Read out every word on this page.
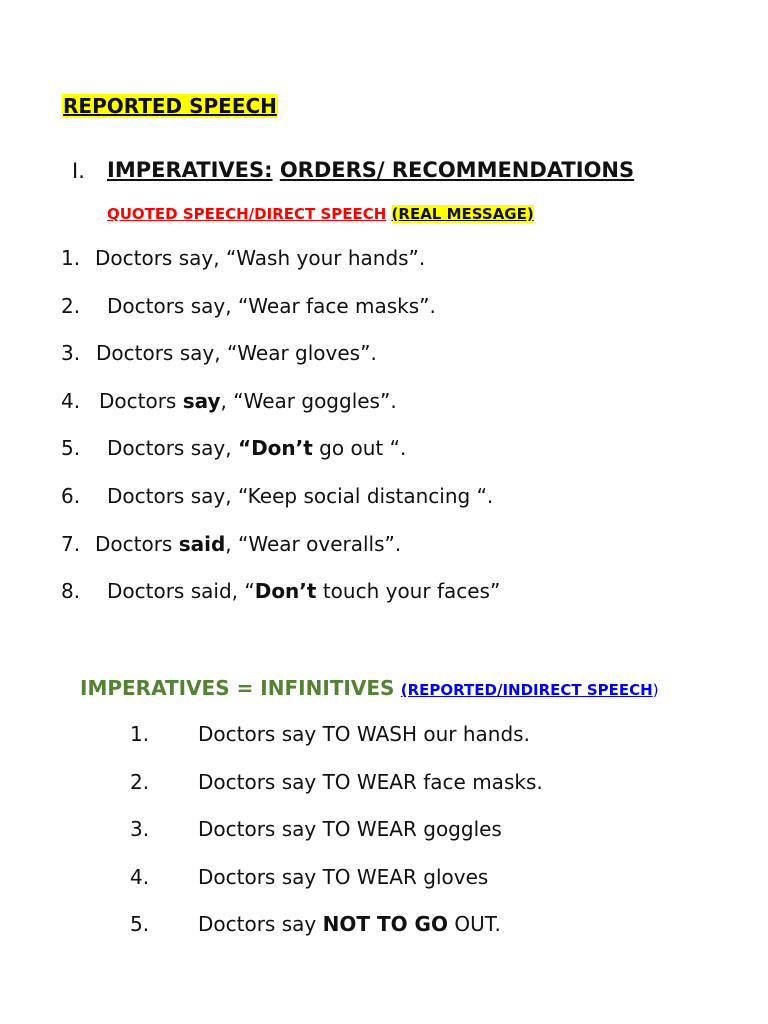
REPORTED SPEECH
I. IMPERATIVES: ORDERS/ RECOMMENDATIONS
QUOTED SPEECH/DIRECT SPEECH (REAL MESSAGE)
1. Doctors say, “Wash your hands”.
2. Doctors say, “Wear face masks”.
3. Doctors say, “Wear gloves”.
4. Doctors say, “Wear goggles”.
5. Doctors say, “Don’t go out “.
6. Doctors say, “Keep social distancing “.
7. Doctors said, “Wear overalls”.
8. Doctors said, “Don’t touch your faces”
IMPERATIVES = INFINITIVES (REPORTED/INDIRECT SPEECH)
1. Doctors say TO WASH our hands.
2. Doctors say TO WEAR face masks.
3. Doctors say TO WEAR goggles
4. Doctors say TO WEAR gloves
5. Doctors say NOT TO GO OUT.
